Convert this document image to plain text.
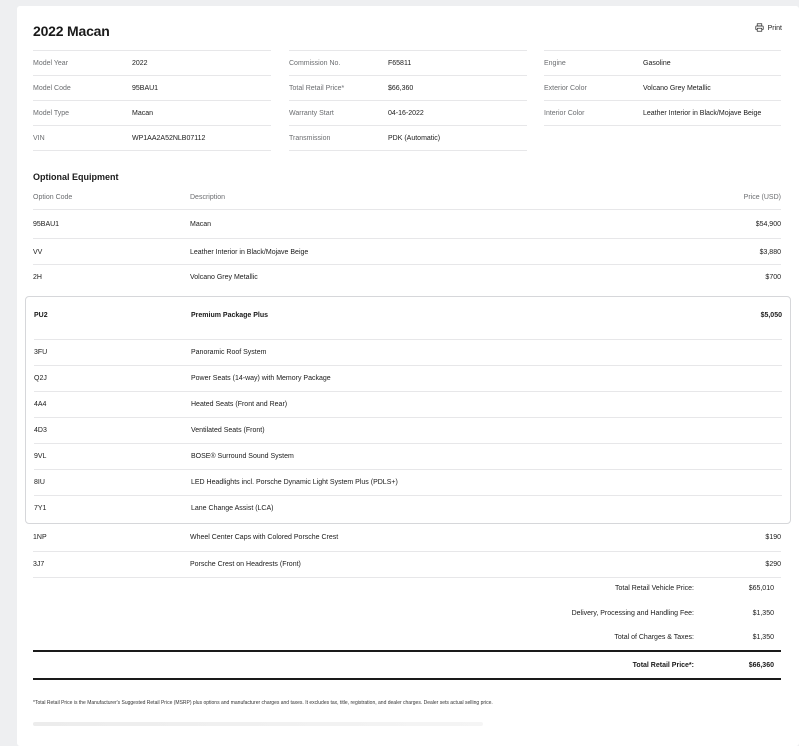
2022 Macan	Print
Model Year	2022
Model Code	95BAU1
Model Type	Macan
VIN	WP1AA2A52NLB07112
Commission No.	F65811
Total Retail Price*	$66,360
Warranty Start	04-16-2022
Transmission	PDK (Automatic)
Engine	Gasoline
Exterior Color	Volcano Grey Metallic
Interior Color	Leather Interior in Black/Mojave Beige
Optional Equipment
Option Code	Description	Price (USD)
95BAU1	Macan	$54,900
VV	Leather Interior in Black/Mojave Beige	$3,880
2H	Volcano Grey Metallic	$700
PU2	Premium Package Plus	$5,050
3FU	Panoramic Roof System
Q2J	Power Seats (14-way) with Memory Package
4A4	Heated Seats (Front and Rear)
4D3	Ventilated Seats (Front)
9VL	BOSE® Surround Sound System
8IU	LED Headlights incl. Porsche Dynamic Light System Plus (PDLS+)
7Y1	Lane Change Assist (LCA)
1NP	Wheel Center Caps with Colored Porsche Crest	$190
3J7	Porsche Crest on Headrests (Front)	$290
Total Retail Vehicle Price:	$65,010
Delivery, Processing and Handling Fee:	$1,350
Total of Charges & Taxes:	$1,350
Total Retail Price*:	$66,360
*Total Retail Price is the Manufacturer's Suggested Retail Price (MSRP) plus options and manufacturer charges and taxes. It excludes tax, title, registration, and dealer charges. Dealer sets actual selling price.
